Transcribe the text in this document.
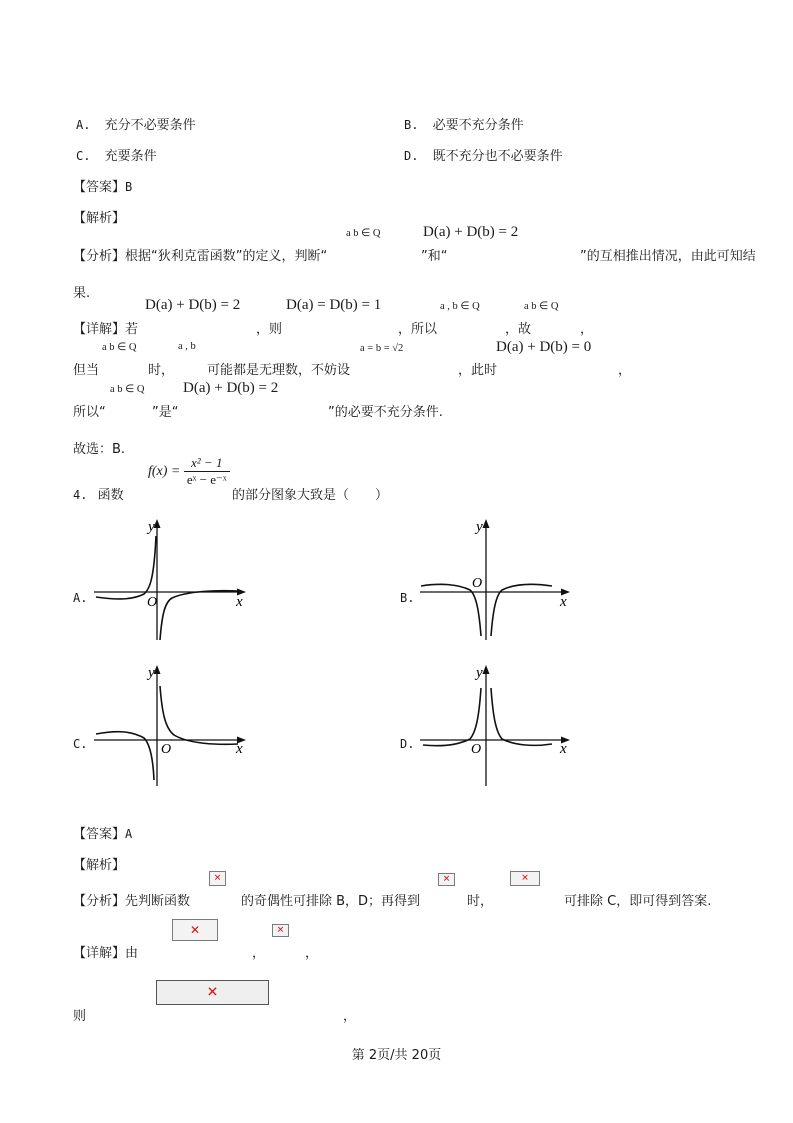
A. 充分不必要条件	B. 必要不充分条件
C. 充要条件	D. 既不充分也不必要条件
【答案】B
【解析】
a b ∈ Q	D(a) + D(b) = 2
【分析】根据“狄利克雷函数”的定义，判断“	”和“	”的互相推出情况，由此可知结
果.
D(a) + D(b) = 2	D(a) = D(b) = 1	a , b ∈ Q	a b ∈ Q
【详解】若	，则	，所以	，故	，
a b ∈ Q	a , b	a = b = √2	D(a) + D(b) = 0
但当	时，	可能都是无理数，不妨设	，此时	，
a b ∈ Q	D(a) + D(b) = 2
所以“	”是“	”的必要不充分条件.
故选：B.
4. 函数
$f(x) = \frac{\text{x² − 1}}{\text{eˣ − e⁻ˣ}}$
的部分图象大致是（　　）
A.	B.
C.	D.
y
x
O
y
x
O
y
x
O
y
x
O
【答案】A
【解析】
✕	✕	✕
【分析】先判断函数	的奇偶性可排除 B，D；再得到	时，	可排除 C，即可得到答案.
✕	✕
【详解】由	，	，
✕
则	，
第 2页/共 20页
